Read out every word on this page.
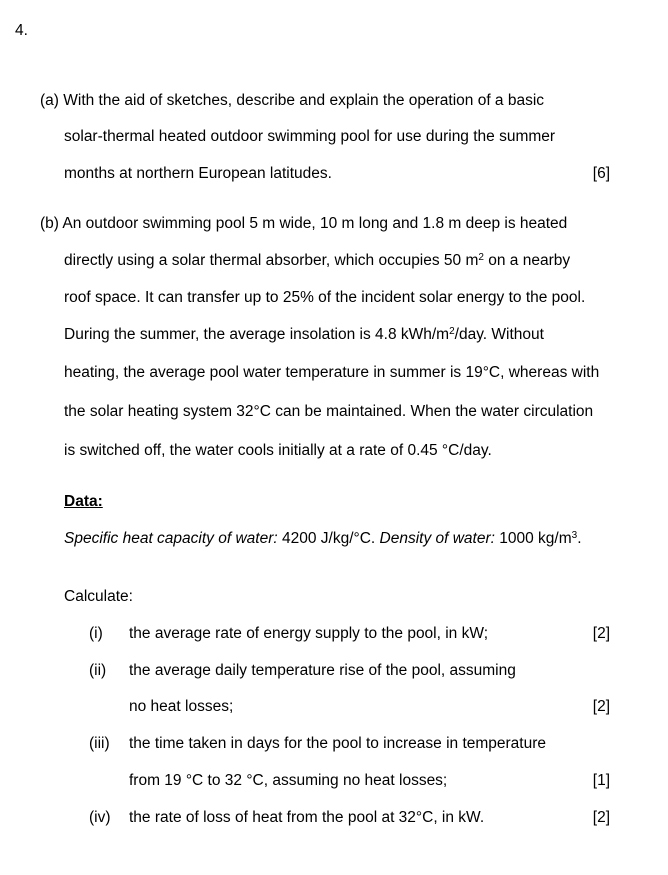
4.
(a) With the aid of sketches, describe and explain the operation of a basic
solar-thermal heated outdoor swimming pool for use during the summer
months at northern European latitudes.	[6]
(b) An outdoor swimming pool 5 m wide, 10 m long and 1.8 m deep is heated
directly using a solar thermal absorber, which occupies 50 $m^2$ on a nearby
roof space. It can transfer up to 25% of the incident solar energy to the pool.
During the summer, the average insolation is 4.8 kWh/$m^2$/day. Without
heating, the average pool water temperature in summer is 19°C, whereas with
the solar heating system 32°C can be maintained. When the water circulation
is switched off, the water cools initially at a rate of 0.45 °C/day.
Data:
Specific heat capacity of water: 4200 J/kg/°C. Density of water: 1000 $kg/m^3$.
Calculate:
(i) the average rate of energy supply to the pool, in kW;	[2]
(ii) the average daily temperature rise of the pool, assuming
no heat losses;	[2]
(iii) the time taken in days for the pool to increase in temperature
from 19 °C to 32 °C, assuming no heat losses;	[1]
(iv) the rate of loss of heat from the pool at 32°C, in kW.	[2]
